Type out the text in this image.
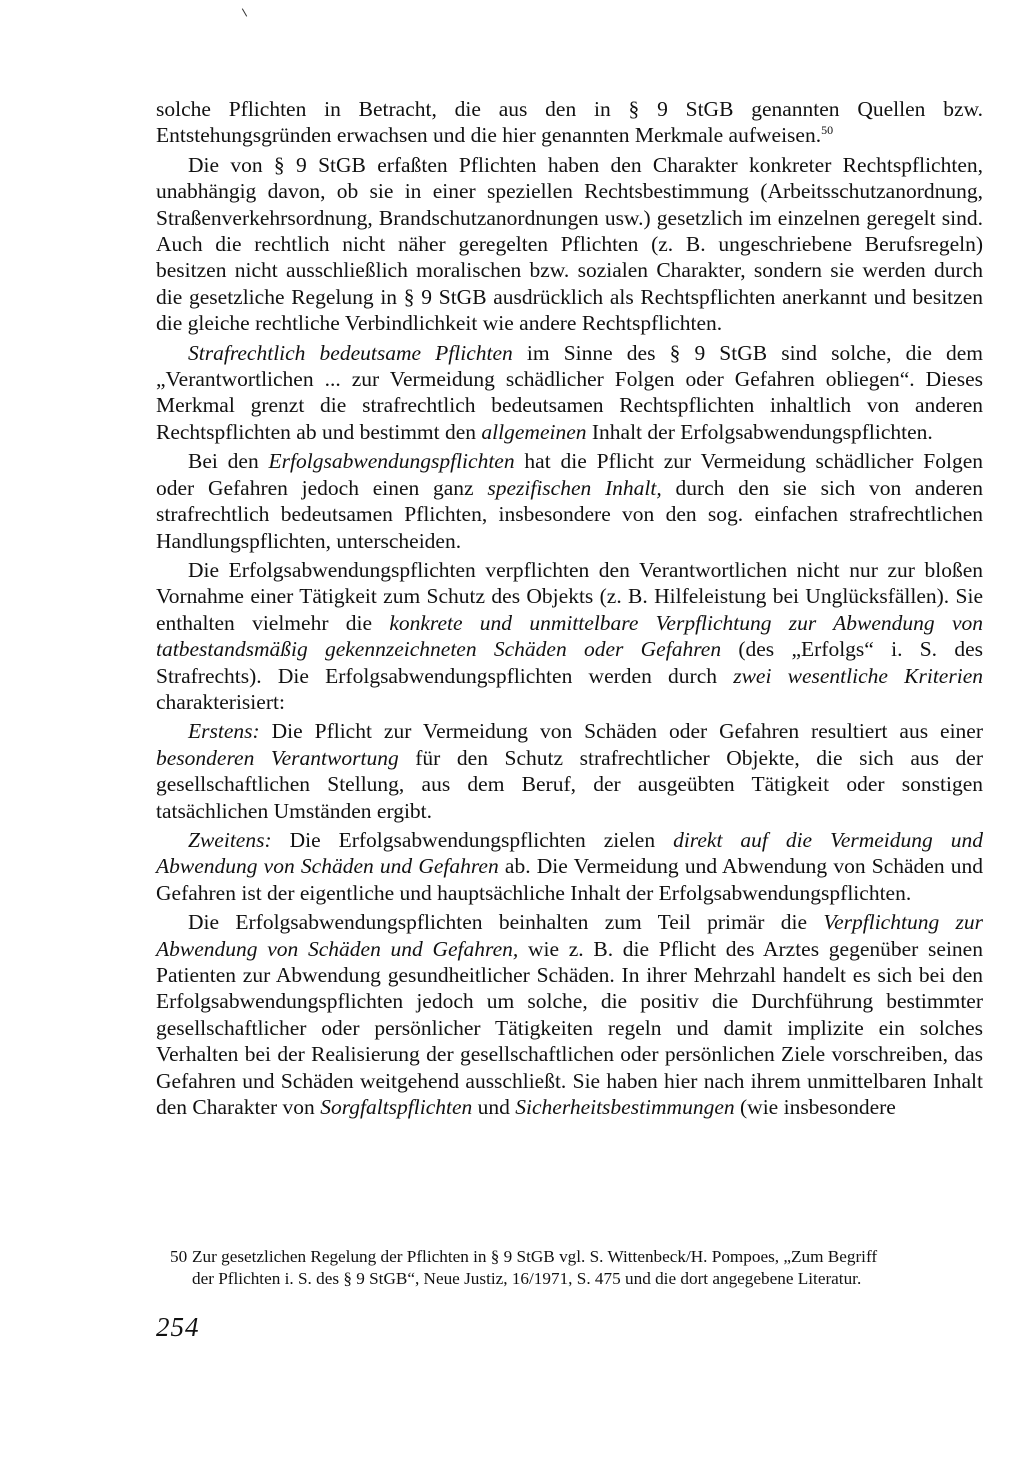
solche Pflichten in Betracht, die aus den in § 9 StGB genannten Quellen bzw. Entstehungsgründen erwachsen und die hier genannten Merkmale aufweisen.$^{50}$

Die von § 9 StGB erfaßten Pflichten haben den Charakter konkreter Rechtspflichten, unabhängig davon, ob sie in einer speziellen Rechtsbestimmung (Arbeitsschutzanordnung, Straßenverkehrsordnung, Brandschutzanordnungen usw.) gesetzlich im einzelnen geregelt sind. Auch die rechtlich nicht näher geregelten Pflichten (z. B. ungeschriebene Berufsregeln) besitzen nicht ausschließlich moralischen bzw. sozialen Charakter, sondern sie werden durch die gesetzliche Regelung in § 9 StGB ausdrücklich als Rechtspflichten anerkannt und besitzen die gleiche rechtliche Verbindlichkeit wie andere Rechtspflichten.

Strafrechtlich bedeutsame Pflichten im Sinne des § 9 StGB sind solche, die dem „Verantwortlichen ... zur Vermeidung schädlicher Folgen oder Gefahren obliegen“. Dieses Merkmal grenzt die strafrechtlich bedeutsamen Rechtspflichten inhaltlich von anderen Rechtspflichten ab und bestimmt den allgemeinen Inhalt der Erfolgsabwendungspflichten.

Bei den Erfolgsabwendungspflichten hat die Pflicht zur Vermeidung schädlicher Folgen oder Gefahren jedoch einen ganz spezifischen Inhalt, durch den sie sich von anderen strafrechtlich bedeutsamen Pflichten, insbesondere von den sog. einfachen strafrechtlichen Handlungspflichten, unterscheiden.

Die Erfolgsabwendungspflichten verpflichten den Verantwortlichen nicht nur zur bloßen Vornahme einer Tätigkeit zum Schutz des Objekts (z. B. Hilfeleistung bei Unglücksfällen). Sie enthalten vielmehr die konkrete und unmittelbare Verpflichtung zur Abwendung von tatbestandsmäßig gekennzeichneten Schäden oder Gefahren (des „Erfolgs“ i. S. des Strafrechts). Die Erfolgsabwendungspflichten werden durch zwei wesentliche Kriterien charakterisiert:

Erstens: Die Pflicht zur Vermeidung von Schäden oder Gefahren resultiert aus einer besonderen Verantwortung für den Schutz strafrechtlicher Objekte, die sich aus der gesellschaftlichen Stellung, aus dem Beruf, der ausgeübten Tätigkeit oder sonstigen tatsächlichen Umständen ergibt.

Zweitens: Die Erfolgsabwendungspflichten zielen direkt auf die Vermeidung und Abwendung von Schäden und Gefahren ab. Die Vermeidung und Abwendung von Schäden und Gefahren ist der eigentliche und hauptsächliche Inhalt der Erfolgsabwendungspflichten.

Die Erfolgsabwendungspflichten beinhalten zum Teil primär die Verpflichtung zur Abwendung von Schäden und Gefahren, wie z. B. die Pflicht des Arztes gegenüber seinen Patienten zur Abwendung gesundheitlicher Schäden. In ihrer Mehrzahl handelt es sich bei den Erfolgsabwendungspflichten jedoch um solche, die positiv die Durchführung bestimmter gesellschaftlicher oder persönlicher Tätigkeiten regeln und damit implizite ein solches Verhalten bei der Realisierung der gesellschaftlichen oder persönlichen Ziele vorschreiben, das Gefahren und Schäden weitgehend ausschließt. Sie haben hier nach ihrem unmittelbaren Inhalt den Charakter von Sorgfaltspflichten und Sicherheitsbestimmungen (wie insbesondere

50 Zur gesetzlichen Regelung der Pflichten in § 9 StGB vgl. S. Wittenbeck/H. Pompoes, „Zum Begriff
der Pflichten i. S. des § 9 StGB“, Neue Justiz, 16/1971, S. 475 und die dort angegebene Literatur.
254
